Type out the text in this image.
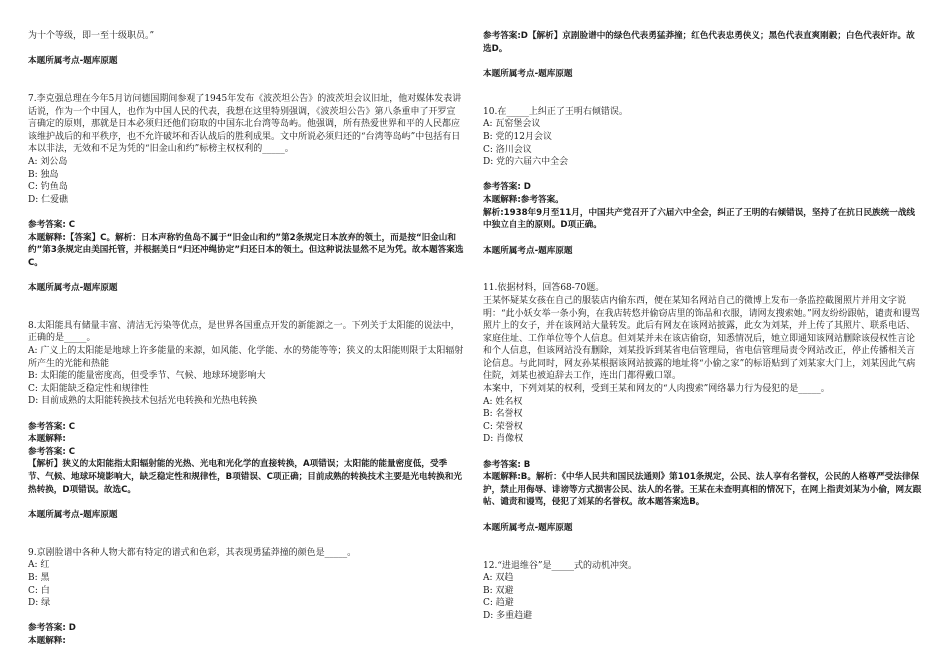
为十个等级，即一至十级职员。”

本题所属考点-题库原题

7.李克强总理在今年5月访问德国期间参观了1945年发布《波茨坦公告》的波茨坦会议旧址，他对媒体发表讲话说，作为一个中国人，也作为中国人民的代表，我想在这里特别强调，《波茨坦公告》第八条重申了开罗宣言确定的原则，那就是日本必须归还他们窃取的中国东北台湾等岛屿。他强调，所有热爱世界和平的人民都应该维护战后的和平秩序，也不允许破坏和否认战后的胜利成果。文中所说必须归还的“台湾等岛屿”中包括有日本以非法，无效和不足为凭的“旧金山和约”标榜主权权利的_____。

A: 刘公岛

B: 独岛

C: 钓鱼岛

D: 仁爱礁

参考答案: C

本题解释:【答案】C。解析：日本声称钓鱼岛不属于“旧金山和约”第2条规定日本放弃的领土，而是按“旧金山和约”第3条规定由美国托管，并根据美日“归还冲绳协定”归还日本的领土。但这种说法显然不足为凭。故本题答案选C。

本题所属考点-题库原题

8.太阳能具有储量丰富、清洁无污染等优点，是世界各国重点开发的新能源之一。下列关于太阳能的说法中，正确的是_____。

A: 广义上的太阳能是地球上许多能量的来源，如风能、化学能、水的势能等等；狭义的太阳能则限于太阳辐射所产生的光能和热能

B: 太阳能的能量密度高，但受季节、气候、地球环境影响大

C: 太阳能缺乏稳定性和规律性

D: 目前成熟的太阳能转换技术包括光电转换和光热电转换

参考答案: C

本题解释:

参考答案: C

【解析】狭义的太阳能指太阳辐射能的光热、光电和光化学的直接转换，A项错误；太阳能的能量密度低，受季节、气候、地球环境影响大，缺乏稳定性和规律性，B项错误、C项正确；目前成熟的转换技术主要是光电转换和光热转换，D项错误。故选C。

本题所属考点-题库原题

9.京剧脸谱中各种人物大都有特定的谱式和色彩，其表现勇猛莽撞的颜色是_____。

A: 红

B: 黑

C: 白

D: 绿

参考答案: D

本题解释:

参考答案:D【解析】京剧脸谱中的绿色代表勇猛莽撞；红色代表忠勇侠义；黑色代表直爽刚毅；白色代表奸诈。故选D。

本题所属考点-题库原题

10.在_____上纠正了王明右倾错误。

A: 瓦窑堡会议

B: 党的12月会议

C: 洛川会议

D: 党的六届六中全会

参考答案: D

本题解释:参考答案。

解析:1938年9月至11月，中国共产党召开了六届六中全会，纠正了王明的右倾错误，坚持了在抗日民族统一战线中独立自主的原则。D项正确。

本题所属考点-题库原题

11.依据材料，回答68-70题。

王某怀疑某女孩在自己的服装店内偷东西，便在某知名网站自己的微博上发布一条监控截图照片并用文字说明：“此小妖女举一条小狗，在我店转悠并偷窃店里的饰品和衣服，请网友搜索她。”网友纷纷跟帖，谴责和谩骂照片上的女子，并在该网站大量转发。此后有网友在该网站披露，此女为刘某，并上传了其照片、联系电话、家庭住址、工作单位等个人信息。但刘某并未在该店偷窃，知悉情况后，她立即通知该网站删除该侵权性言论和个人信息，但该网站没有删除，刘某投诉到某省电信管理局，省电信管理局责令网站改正，停止传播相关言论信息。与此同时，网友孙某根据该网站披露的地址将“小偷之家”的标语贴到了刘某家大门上，刘某因此气病住院，刘某也被迫辞去工作，连出门都得戴口罩。

本案中，下列刘某的权利，受到王某和网友的“人肉搜索”网络暴力行为侵犯的是_____。

A: 姓名权

B: 名誉权

C: 荣誉权

D: 肖像权

参考答案: B

本题解释:B。解析：《中华人民共和国民法通则》第101条规定，公民、法人享有名誉权，公民的人格尊严受法律保护，禁止用侮辱、诽谤等方式损害公民、法人的名誉。王某在未查明真相的情况下，在网上指责刘某为小偷，网友跟帖、谴责和谩骂，侵犯了刘某的名誉权。故本题答案选B。

本题所属考点-题库原题

12.“进退维谷”是_____式的动机冲突。

A: 双趋

B: 双避

C: 趋避

D: 多重趋避
